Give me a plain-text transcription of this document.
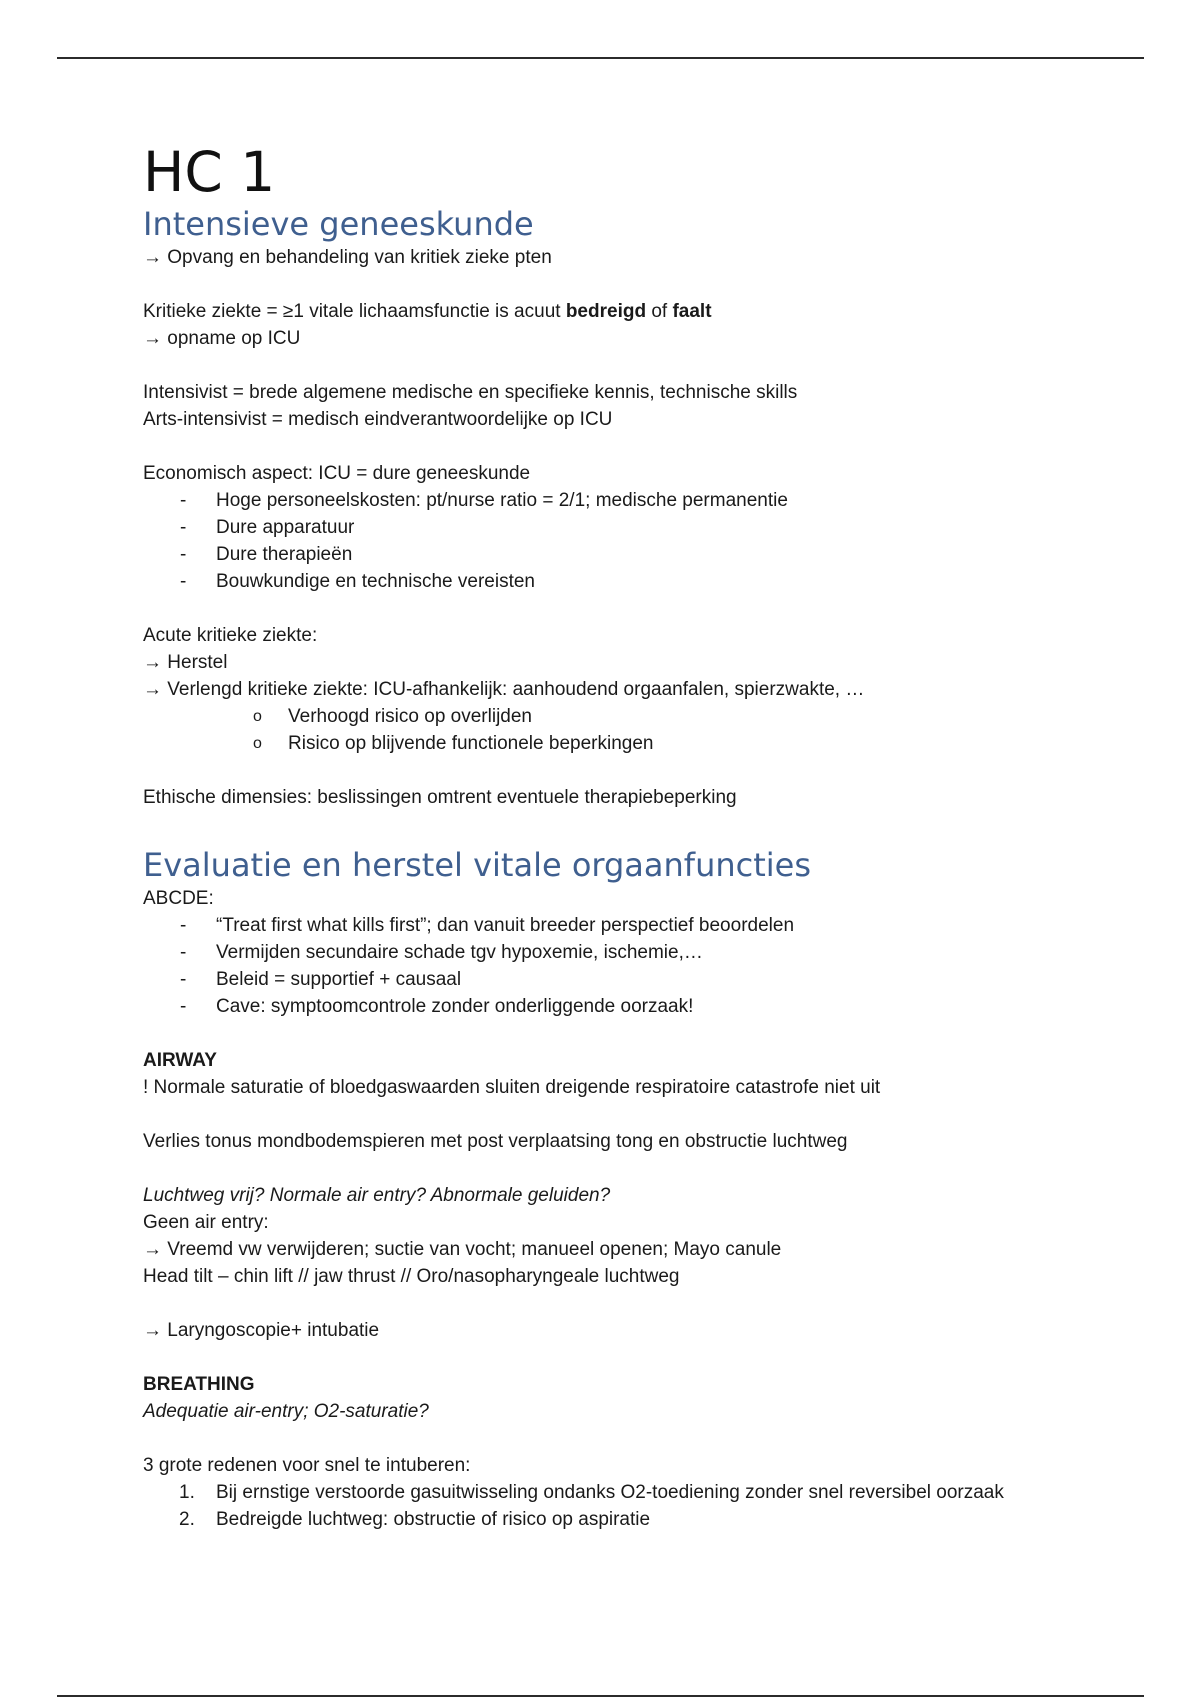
HC 1
Intensieve geneeskunde

→ Opvang en behandeling van kritiek zieke pten

Kritieke ziekte = ≥1 vitale lichaamsfunctie is acuut bedreigd of faalt

→ opname op ICU

Intensivist = brede algemene medische en specifieke kennis, technische skills

Arts-intensivist = medisch eindverantwoordelijke op ICU

Economisch aspect: ICU = dure geneeskunde

- Hoge personeelskosten: pt/nurse ratio = 2/1; medische permanentie
- Dure apparatuur
- Dure therapieën
- Bouwkundige en technische vereisten

Acute kritieke ziekte:

→ Herstel

→ Verlengd kritieke ziekte: ICU-afhankelijk: aanhoudend orgaanfalen, spierzwakte, …

o Verhoogd risico op overlijden
o Risico op blijvende functionele beperkingen

Ethische dimensies: beslissingen omtrent eventuele therapiebeperking

Evaluatie en herstel vitale orgaanfuncties

ABCDE:

- “Treat first what kills first”; dan vanuit breeder perspectief beoordelen
- Vermijden secundaire schade tgv hypoxemie, ischemie,…
- Beleid = supportief + causaal
- Cave: symptoomcontrole zonder onderliggende oorzaak!

AIRWAY

! Normale saturatie of bloedgaswaarden sluiten dreigende respiratoire catastrofe niet uit

Verlies tonus mondbodemspieren met post verplaatsing tong en obstructie luchtweg

Luchtweg vrij? Normale air entry? Abnormale geluiden?

Geen air entry:

→ Vreemd vw verwijderen; suctie van vocht; manueel openen; Mayo canule

Head tilt – chin lift // jaw thrust // Oro/nasopharyngeale luchtweg

→ Laryngoscopie+ intubatie

BREATHING

Adequatie air-entry; O2-saturatie?

3 grote redenen voor snel te intuberen:

1. Bij ernstige verstoorde gasuitwisseling ondanks O2-toediening zonder snel reversibel oorzaak
2. Bedreigde luchtweg: obstructie of risico op aspiratie
